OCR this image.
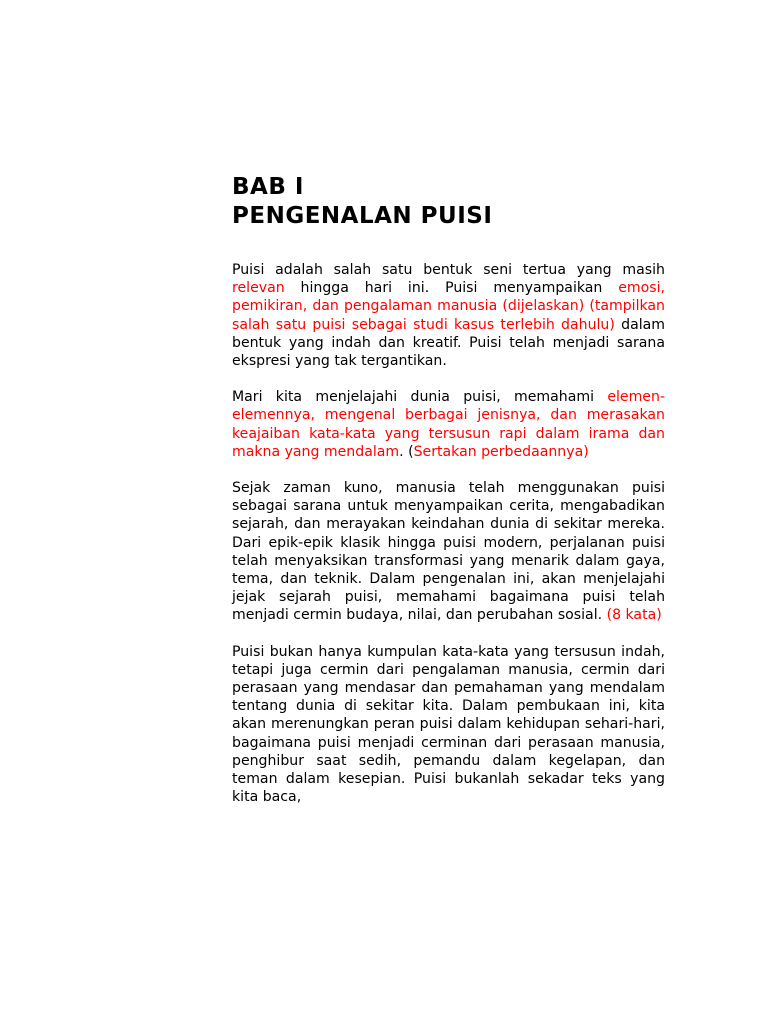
BAB I
PENGENALAN PUISI

Puisi adalah salah satu bentuk seni tertua yang masih relevan hingga hari ini. Puisi menyampaikan emosi, pemikiran, dan pengalaman manusia (dijelaskan) (tampilkan salah satu puisi sebagai studi kasus terlebih dahulu) dalam bentuk yang indah dan kreatif. Puisi telah menjadi sarana ekspresi yang tak tergantikan.

Mari kita menjelajahi dunia puisi, memahami elemen-elemennya, mengenal berbagai jenisnya, dan merasakan keajaiban kata-kata yang tersusun rapi dalam irama dan makna yang mendalam. (Sertakan perbedaannya)

Sejak zaman kuno, manusia telah menggunakan puisi sebagai sarana untuk menyampaikan cerita, mengabadikan sejarah, dan merayakan keindahan dunia di sekitar mereka. Dari epik-epik klasik hingga puisi modern, perjalanan puisi telah menyaksikan transformasi yang menarik dalam gaya, tema, dan teknik. Dalam pengenalan ini, akan menjelajahi jejak sejarah puisi, memahami bagaimana puisi telah menjadi cermin budaya, nilai, dan perubahan sosial. (8 kata)

Puisi bukan hanya kumpulan kata-kata yang tersusun indah, tetapi juga cermin dari pengalaman manusia, cermin dari perasaan yang mendasar dan pemahaman yang mendalam tentang dunia di sekitar kita. Dalam pembukaan ini, kita akan merenungkan peran puisi dalam kehidupan sehari-hari, bagaimana puisi menjadi cerminan dari perasaan manusia, penghibur saat sedih, pemandu dalam kegelapan, dan teman dalam kesepian. Puisi bukanlah sekadar teks yang kita baca,
